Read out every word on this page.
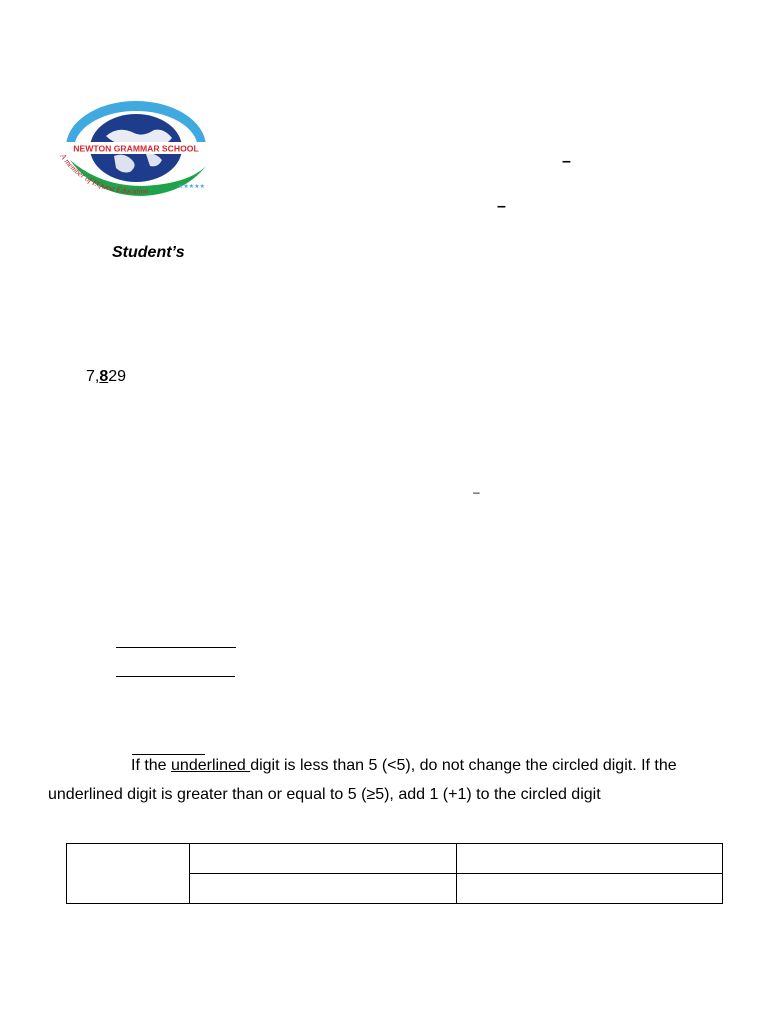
NEWTON GRAMMAR SCHOOL
A member of EQuest Education	★★★★★
–
–
–
Student’s
7,829
If the underlined digit is less than 5 (<5), do not change the circled digit. If the
underlined digit is greater than or equal to 5 (≥5), add 1 (+1) to the circled digit
